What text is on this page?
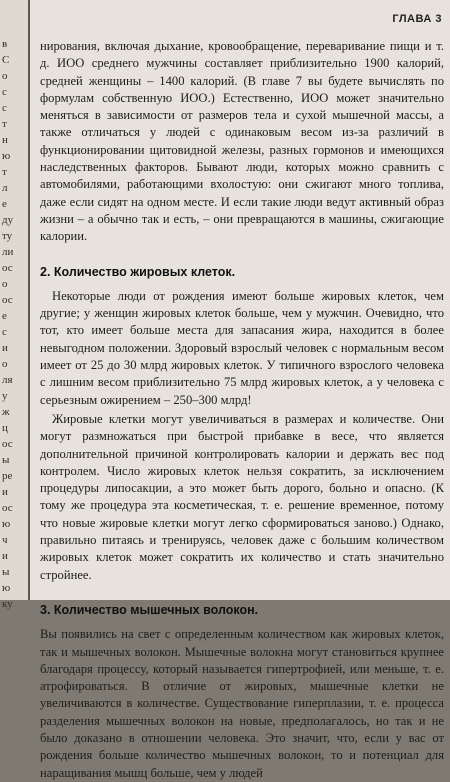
в
С
о
с
с
т
н
ю
т
л
е
ду
ту
ли
ос
о
ос
е
с
и
о
ля
у
ж
ц
ос
ы
ре
и
ос
ю
ч
и
ы
ю
ку
ГЛАВА 3

нирования, включая дыхание, кровообращение, переваривание пищи и т. д. ИОО среднего мужчины составляет приблизительно 1900 калорий, средней женщины – 1400 калорий. (В главе 7 вы будете вычислять по формулам собственную ИОО.) Естественно, ИОО может значительно меняться в зависимости от размеров тела и сухой мышечной массы, а также отличаться у людей с одинаковым весом из-за различий в функционировании щитовидной железы, разных гормонов и имеющихся наследственных факторов. Бывают люди, которых можно сравнить с автомобилями, работающими вхолостую: они сжигают много топлива, даже если сидят на одном месте. И если такие люди ведут активный образ жизни – а обычно так и есть, – они превращаются в машины, сжигающие калории.

2. Количество жировых клеток.

Некоторые люди от рождения имеют больше жировых клеток, чем другие; у женщин жировых клеток больше, чем у мужчин. Очевидно, что тот, кто имеет больше места для запасания жира, находится в более невыгодном положении. Здоровый взрослый человек с нормальным весом имеет от 25 до 30 млрд жировых клеток. У типичного взрослого человека с лишним весом приблизительно 75 млрд жировых клеток, а у человека с серьезным ожирением – 250–300 млрд!

Жировые клетки могут увеличиваться в размерах и количестве. Они могут размножаться при быстрой прибавке в весе, что является дополнительной причиной контролировать калории и держать вес под контролем. Число жировых клеток нельзя сократить, за исключением процедуры липосакции, а это может быть дорого, больно и опасно. (К тому же процедура эта косметическая, т. е. решение временное, потому что новые жировые клетки могут легко сформироваться заново.) Однако, правильно питаясь и тренируясь, человек даже с большим количеством жировых клеток может сократить их количество и стать значительно стройнее.

3. Количество мышечных волокон.

Вы появились на свет с определенным количеством как жировых клеток, так и мышечных волокон. Мышечные волокна могут становиться крупнее благодаря процессу, который называется гипертрофией, или меньше, т. е. атрофироваться. В отличие от жировых, мышечные клетки не увеличиваются в количестве. Существование гиперплазии, т. е. процесса разделения мышечных волокон на новые, предполагалось, но так и не было доказано в отношении человека. Это значит, что, если у вас от рождения больше количество мышечных волокон, то и потенциал для наращивания мышц больше, чем у людей
